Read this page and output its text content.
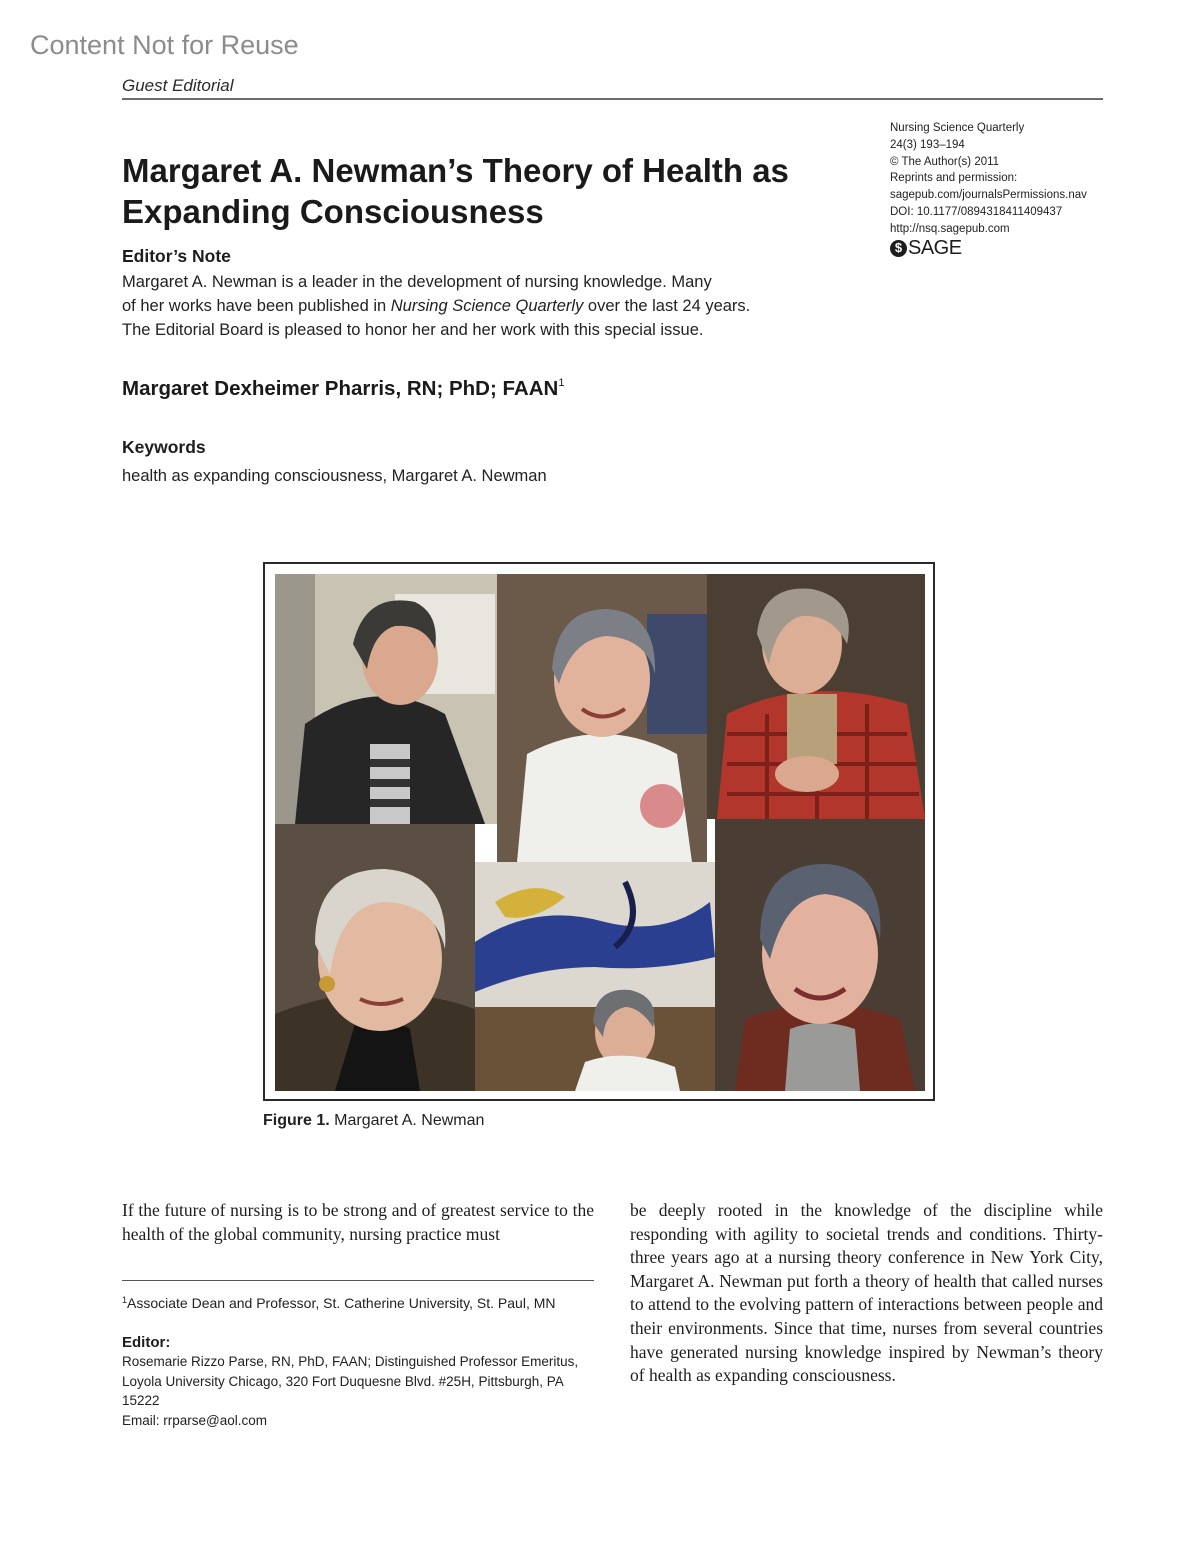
Content Not for Reuse
Guest Editorial
Nursing Science Quarterly
24(3) 193–194
© The Author(s) 2011
Reprints and permission:
sagepub.com/journalsPermissions.nav
DOI: 10.1177/0894318411409437
http://nsq.sagepub.com
$ SAGE
Margaret A. Newman’s Theory of Health as Expanding Consciousness
Editor’s Note
Margaret A. Newman is a leader in the development of nursing knowledge. Many
of her works have been published in Nursing Science Quarterly over the last 24 years.
The Editorial Board is pleased to honor her and her work with this special issue.
Margaret Dexheimer Pharris, RN; PhD; FAAN$^1$
Keywords
health as expanding consciousness, Margaret A. Newman
Figure 1. Margaret A. Newman
If the future of nursing is to be strong and of greatest service to the health of the global community, nursing practice must
be deeply rooted in the knowledge of the discipline while responding with agility to societal trends and conditions. Thirty-three years ago at a nursing theory conference in New York City, Margaret A. Newman put forth a theory of health that called nurses to attend to the evolving pattern of interactions between people and their environments. Since that time, nurses from several countries have generated nursing knowledge inspired by Newman’s theory of health as expanding consciousness.
$^1$Associate Dean and Professor, St. Catherine University, St. Paul, MN
Editor:
Rosemarie Rizzo Parse, RN, PhD, FAAN; Distinguished Professor Emeritus,
Loyola University Chicago, 320 Fort Duquesne Blvd. #25H, Pittsburgh, PA 15222
Email: rrparse@aol.com
